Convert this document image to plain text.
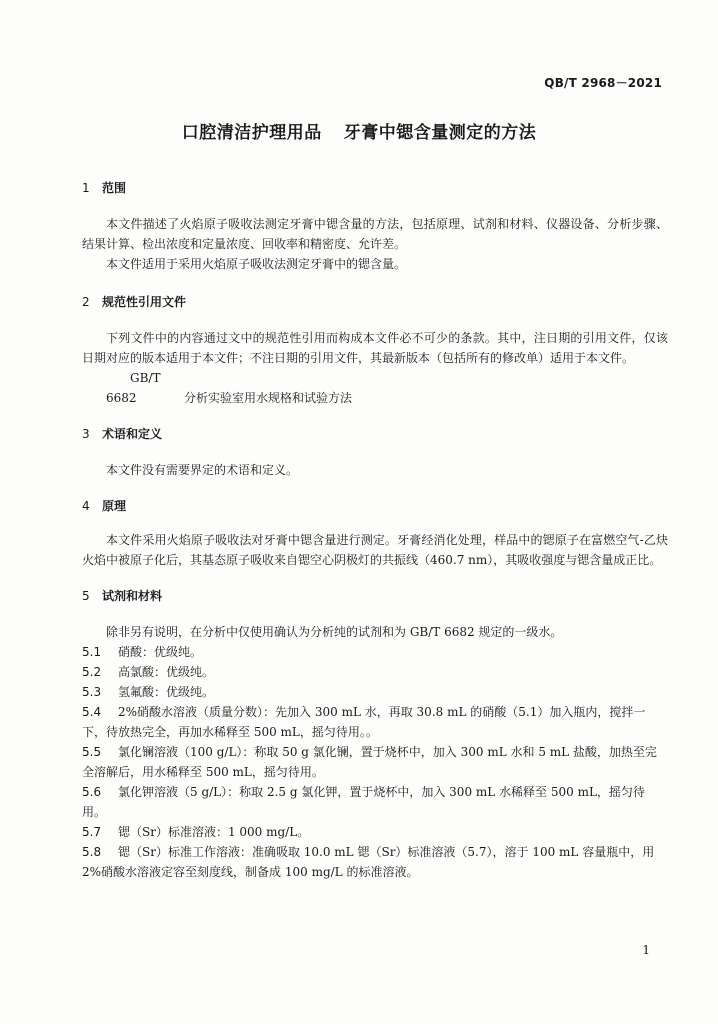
QB/T 2968－2021
口腔清洁护理用品 牙膏中锶含量测定的方法
1 范围
本文件描述了火焰原子吸收法测定牙膏中锶含量的方法，包括原理、试剂和材料、仪器设备、分析步骤、结果计算、检出浓度和定量浓度、回收率和精密度、允许差。
本文件适用于采用火焰原子吸收法测定牙膏中的锶含量。
2 规范性引用文件
下列文件中的内容通过文中的规范性引用而构成本文件必不可少的条款。其中，注日期的引用文件，仅该日期对应的版本适用于本文件；不注日期的引用文件，其最新版本（包括所有的修改单）适用于本文件。
GB/T 6682	分析实验室用水规格和试验方法
3 术语和定义
本文件没有需要界定的术语和定义。
4 原理
本文件采用火焰原子吸收法对牙膏中锶含量进行测定。牙膏经消化处理，样品中的锶原子在富燃空气-乙炔火焰中被原子化后，其基态原子吸收来自锶空心阴极灯的共振线（460.7 nm），其吸收强度与锶含量成正比。
5 试剂和材料
除非另有说明，在分析中仅使用确认为分析纯的试剂和为 GB/T 6682 规定的一级水。
5.1 硝酸：优级纯。
5.2 高氯酸：优级纯。
5.3 氢氟酸：优级纯。
5.4 2%硝酸水溶液（质量分数）：先加入 300 mL 水，再取 30.8 mL 的硝酸（5.1）加入瓶内，搅拌一下，待放热完全，再加水稀释至 500 mL，摇匀待用。。
5.5 氯化镧溶液（100 g/L）：称取 50 g 氯化镧，置于烧杯中，加入 300 mL 水和 5 mL 盐酸，加热至完全溶解后，用水稀释至 500 mL，摇匀待用。
5.6 氯化钾溶液（5 g/L）：称取 2.5 g 氯化钾，置于烧杯中，加入 300 mL 水稀释至 500 mL，摇匀待用。
5.7 锶（Sr）标准溶液：1 000 mg/L。
5.8 锶（Sr）标准工作溶液：准确吸取 10.0 mL 锶（Sr）标准溶液（5.7），溶于 100 mL 容量瓶中，用 2%硝酸水溶液定容至刻度线，制备成 100 mg/L 的标准溶液。
1
